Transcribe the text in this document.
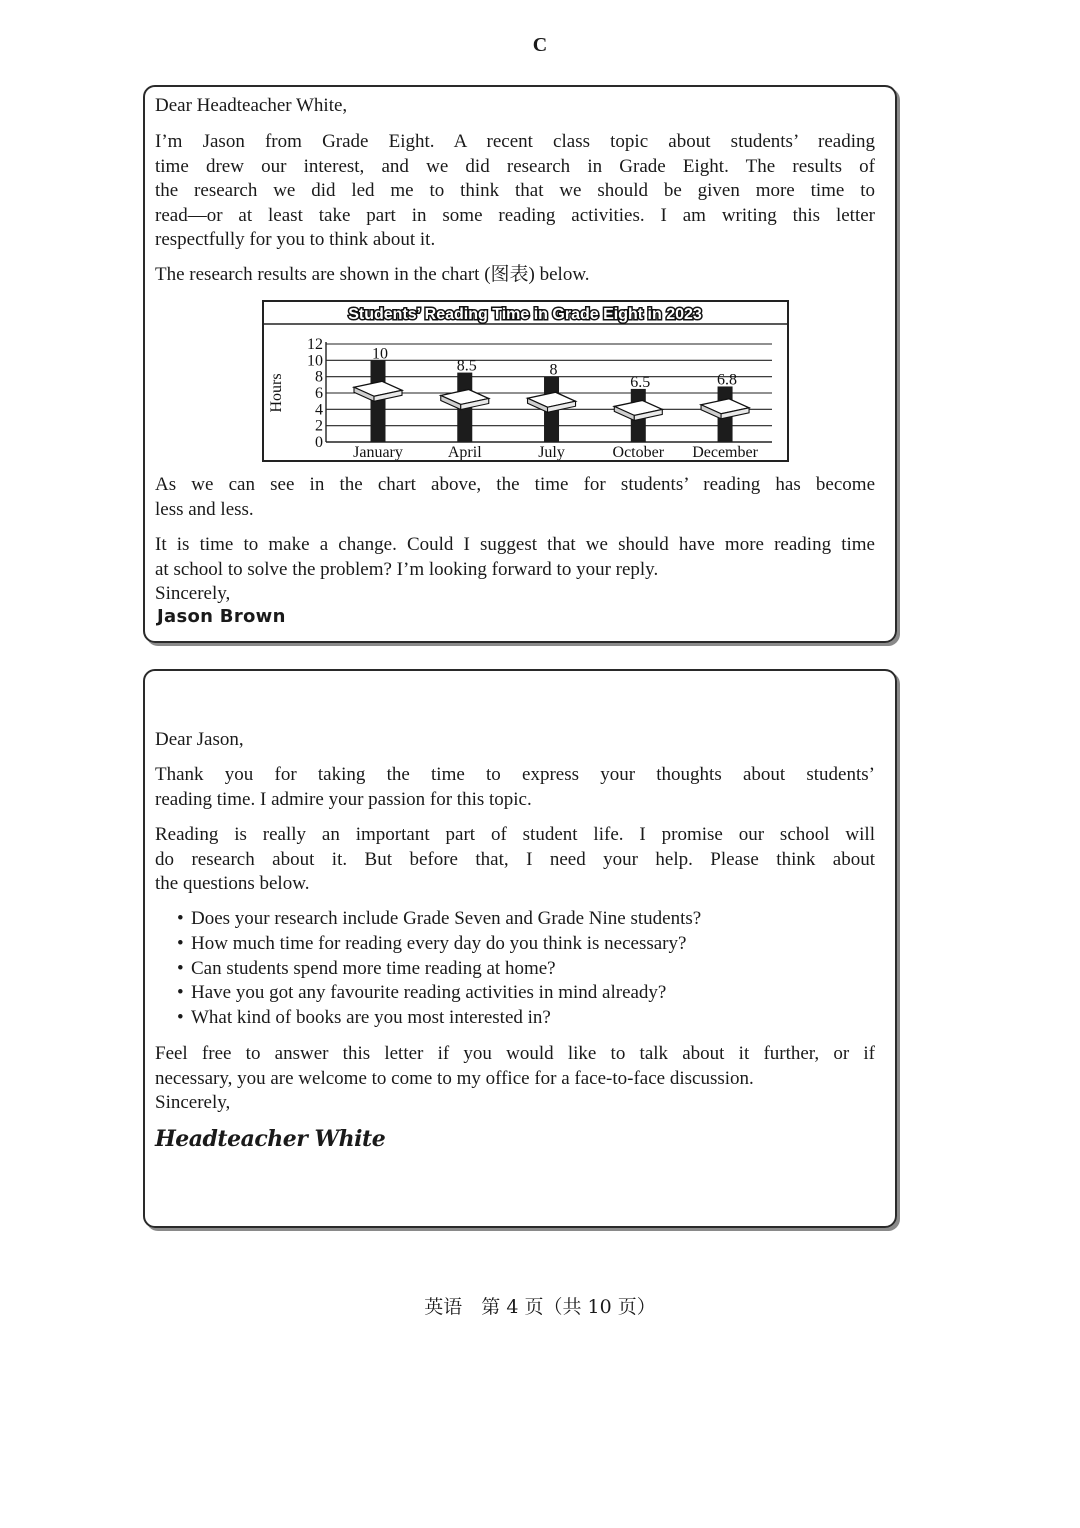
C

Dear Headteacher White,

I’m Jason from Grade Eight. A recent class topic about students’ reading
time drew our interest, and we did research in Grade Eight. The results of
the research we did led me to think that we should be given more time to
read—or at least take part in some reading activities. I am writing this letter
respectfully for you to think about it.

The research results are shown in the chart (图表) below.

Students’ Reading Time in Grade Eight in 2023
Hours
0
2
4
6
8
10
12
January	April	July	October December
10
8.5	8
6.5	6.8

As we can see in the chart above, the time for students’ reading has become
less and less.

It is time to make a change. Could I suggest that we should have more reading time
at school to solve the problem? I’m looking forward to your reply.

Sincerely,

Jason Brown

Dear Jason,

Thank you for taking the time to express your thoughts about students’
reading time. I admire your passion for this topic.

Reading is really an important part of student life. I promise our school will
do research about it. But before that, I need your help. Please think about
the questions below.

• Does your research include Grade Seven and Grade Nine students?
• How much time for reading every day do you think is necessary?
• Can students spend more time reading at home?
• Have you got any favourite reading activities in mind already?
• What kind of books are you most interested in?

Feel free to answer this letter if you would like to talk about it further, or if
necessary, you are welcome to come to my office for a face-to-face discussion.

Sincerely,

Headteacher White
英语　第 4 页（共 10 页）
